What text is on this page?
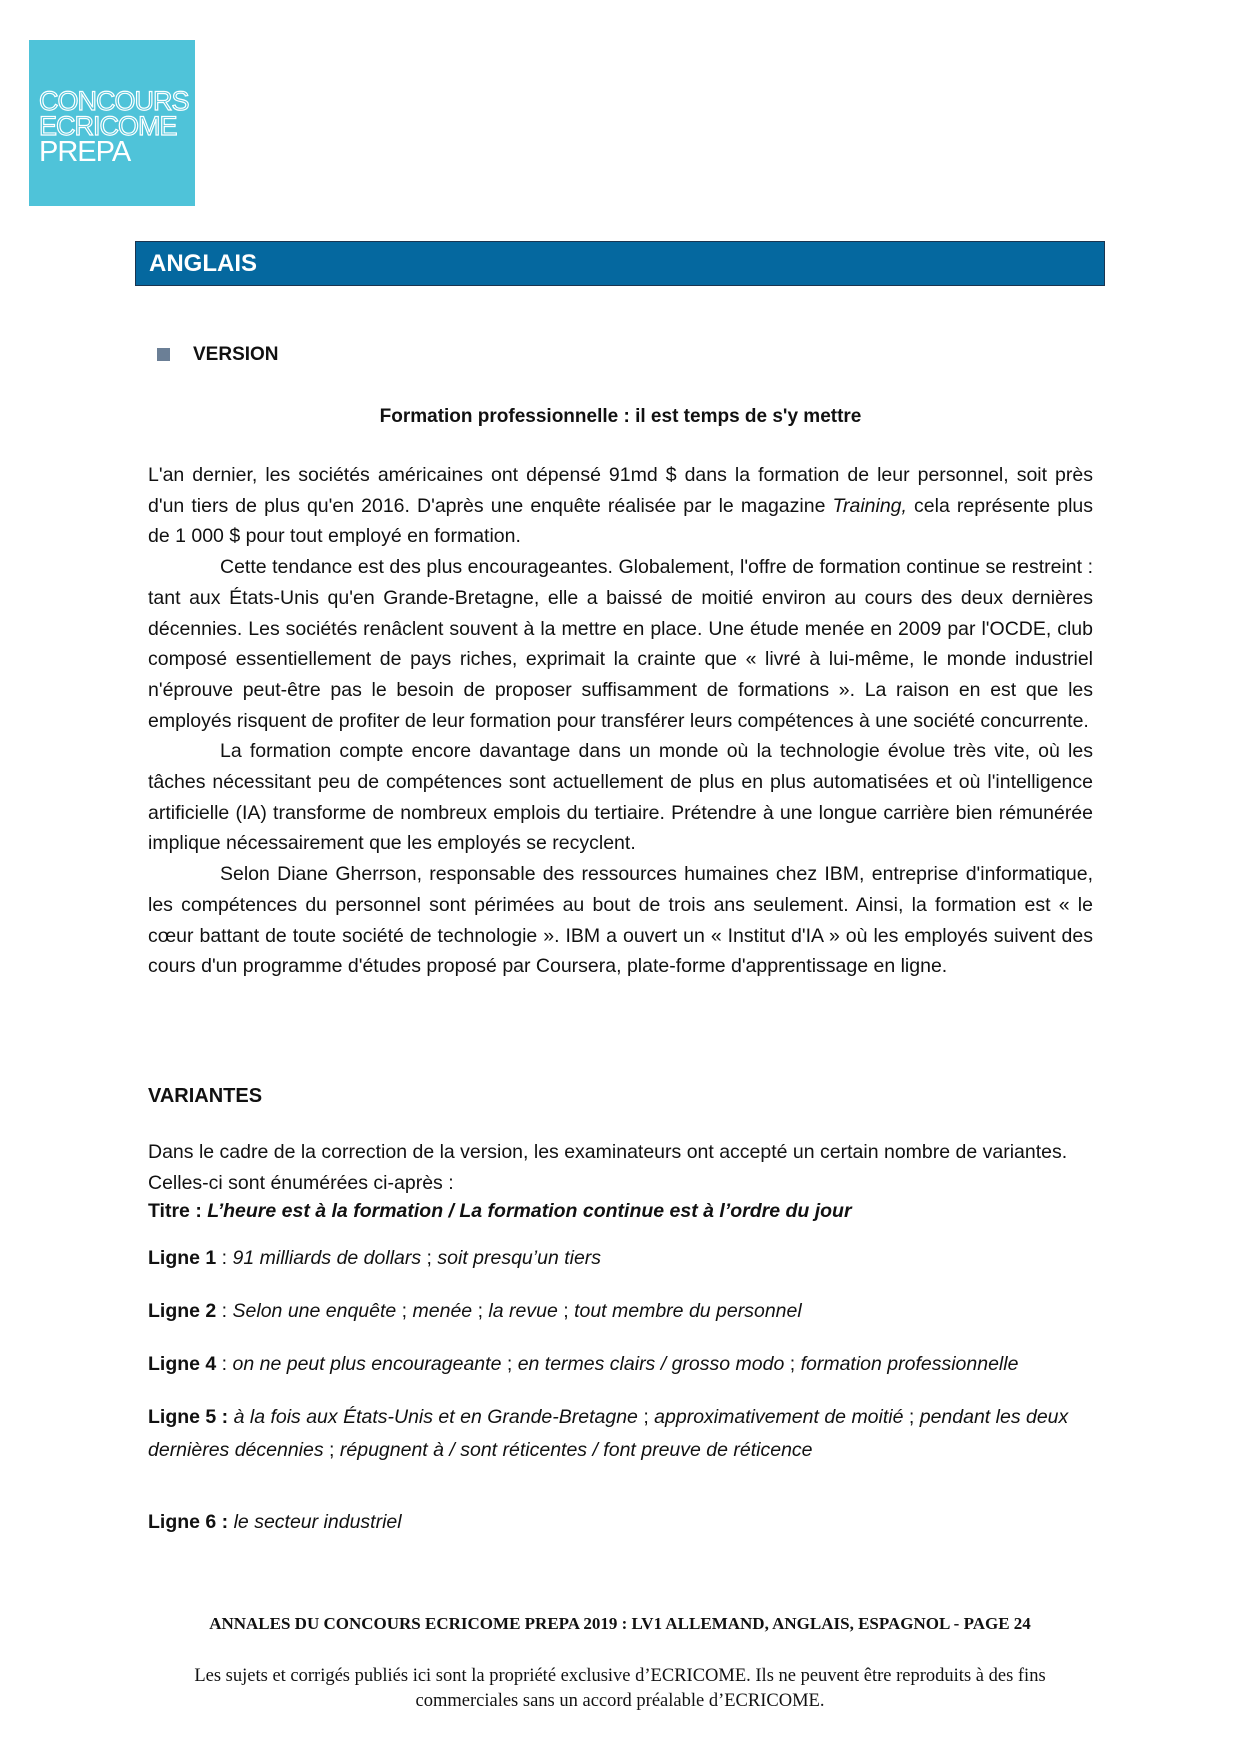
CONCOURS
ECRICOME
PREPA
ANGLAIS
VERSION
Formation professionnelle : il est temps de s'y mettre

L'an dernier, les sociétés américaines ont dépensé 91md $ dans la formation de leur personnel, soit près d'un tiers de plus qu'en 2016. D'après une enquête réalisée par le magazine Training, cela représente plus de 1 000 $ pour tout employé en formation.

Cette tendance est des plus encourageantes. Globalement, l'offre de formation continue se restreint : tant aux États-Unis qu'en Grande-Bretagne, elle a baissé de moitié environ au cours des deux dernières décennies. Les sociétés renâclent souvent à la mettre en place. Une étude menée en 2009 par l'OCDE, club composé essentiellement de pays riches, exprimait la crainte que « livré à lui-même, le monde industriel n'éprouve peut-être pas le besoin de proposer suffisamment de formations ». La raison en est que les employés risquent de profiter de leur formation pour transférer leurs compétences à une société concurrente.

La formation compte encore davantage dans un monde où la technologie évolue très vite, où les tâches nécessitant peu de compétences sont actuellement de plus en plus automatisées et où l'intelligence artificielle (IA) transforme de nombreux emplois du tertiaire. Prétendre à une longue carrière bien rémunérée implique nécessairement que les employés se recyclent.

Selon Diane Gherrson, responsable des ressources humaines chez IBM, entreprise d'informatique, les compétences du personnel sont périmées au bout de trois ans seulement. Ainsi, la formation est « le cœur battant de toute société de technologie ». IBM a ouvert un « Institut d'IA » où les employés suivent des cours d'un programme d'études proposé par Coursera, plate-forme d'apprentissage en ligne.

VARIANTES
Dans le cadre de la correction de la version, les examinateurs ont accepté un certain nombre de variantes. Celles-ci sont énumérées ci-après :
Titre : L’heure est à la formation / La formation continue est à l’ordre du jour
Ligne 1 : 91 milliards de dollars ; soit presqu’un tiers
Ligne 2 : Selon une enquête ; menée ; la revue ; tout membre du personnel
Ligne 4 : on ne peut plus encourageante ; en termes clairs / grosso modo ; formation professionnelle
Ligne 5 : à la fois aux États-Unis et en Grande-Bretagne ; approximativement de moitié ; pendant les deux dernières décennies ; répugnent à / sont réticentes / font preuve de réticence
Ligne 6 : le secteur industriel
ANNALES DU CONCOURS ECRICOME PREPA 2019 : LV1 ALLEMAND, ANGLAIS, ESPAGNOL - PAGE 24
Les sujets et corrigés publiés ici sont la propriété exclusive d’ECRICOME. Ils ne peuvent être reproduits à des fins commerciales sans un accord préalable d’ECRICOME.
